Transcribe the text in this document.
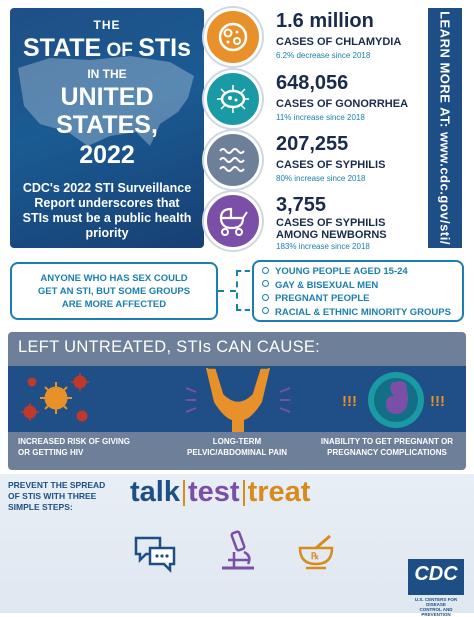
THE
STATE OF STIs
IN THE
UNITED STATES,
2022
CDC's 2022 STI Surveillance Report underscores that STIs must be a public health priority
1.6 million
CASES OF CHLAMYDIA
6.2% decrease since 2018
648,056
CASES OF GONORRHEA
11% increase since 2018
207,255
CASES OF SYPHILIS
80% increase since 2018
3,755
CASES OF SYPHILIS
AMONG NEWBORNS
183% increase since 2018
LEARN MORE AT: www.cdc.gov/sti/
ANYONE WHO HAS SEX COULD
GET AN STI, BUT SOME GROUPS
ARE MORE AFFECTED
YOUNG PEOPLE AGED 15-24
GAY & BISEXUAL MEN
PREGNANT PEOPLE
RACIAL & ETHNIC MINORITY GROUPS
LEFT UNTREATED, STIs CAN CAUSE:
!!!	!!!
INCREASED RISK OF GIVING
OR GETTING HIV
LONG-TERM
PELVIC/ABDOMINAL PAIN
INABILITY TO GET PREGNANT OR
PREGNANCY COMPLICATIONS
PREVENT THE SPREAD
OF STIS WITH THREE
SIMPLE STEPS:	talk test treat
℞
CDC
U.S. CENTERS FOR DISEASE
CONTROL AND PREVENTION
